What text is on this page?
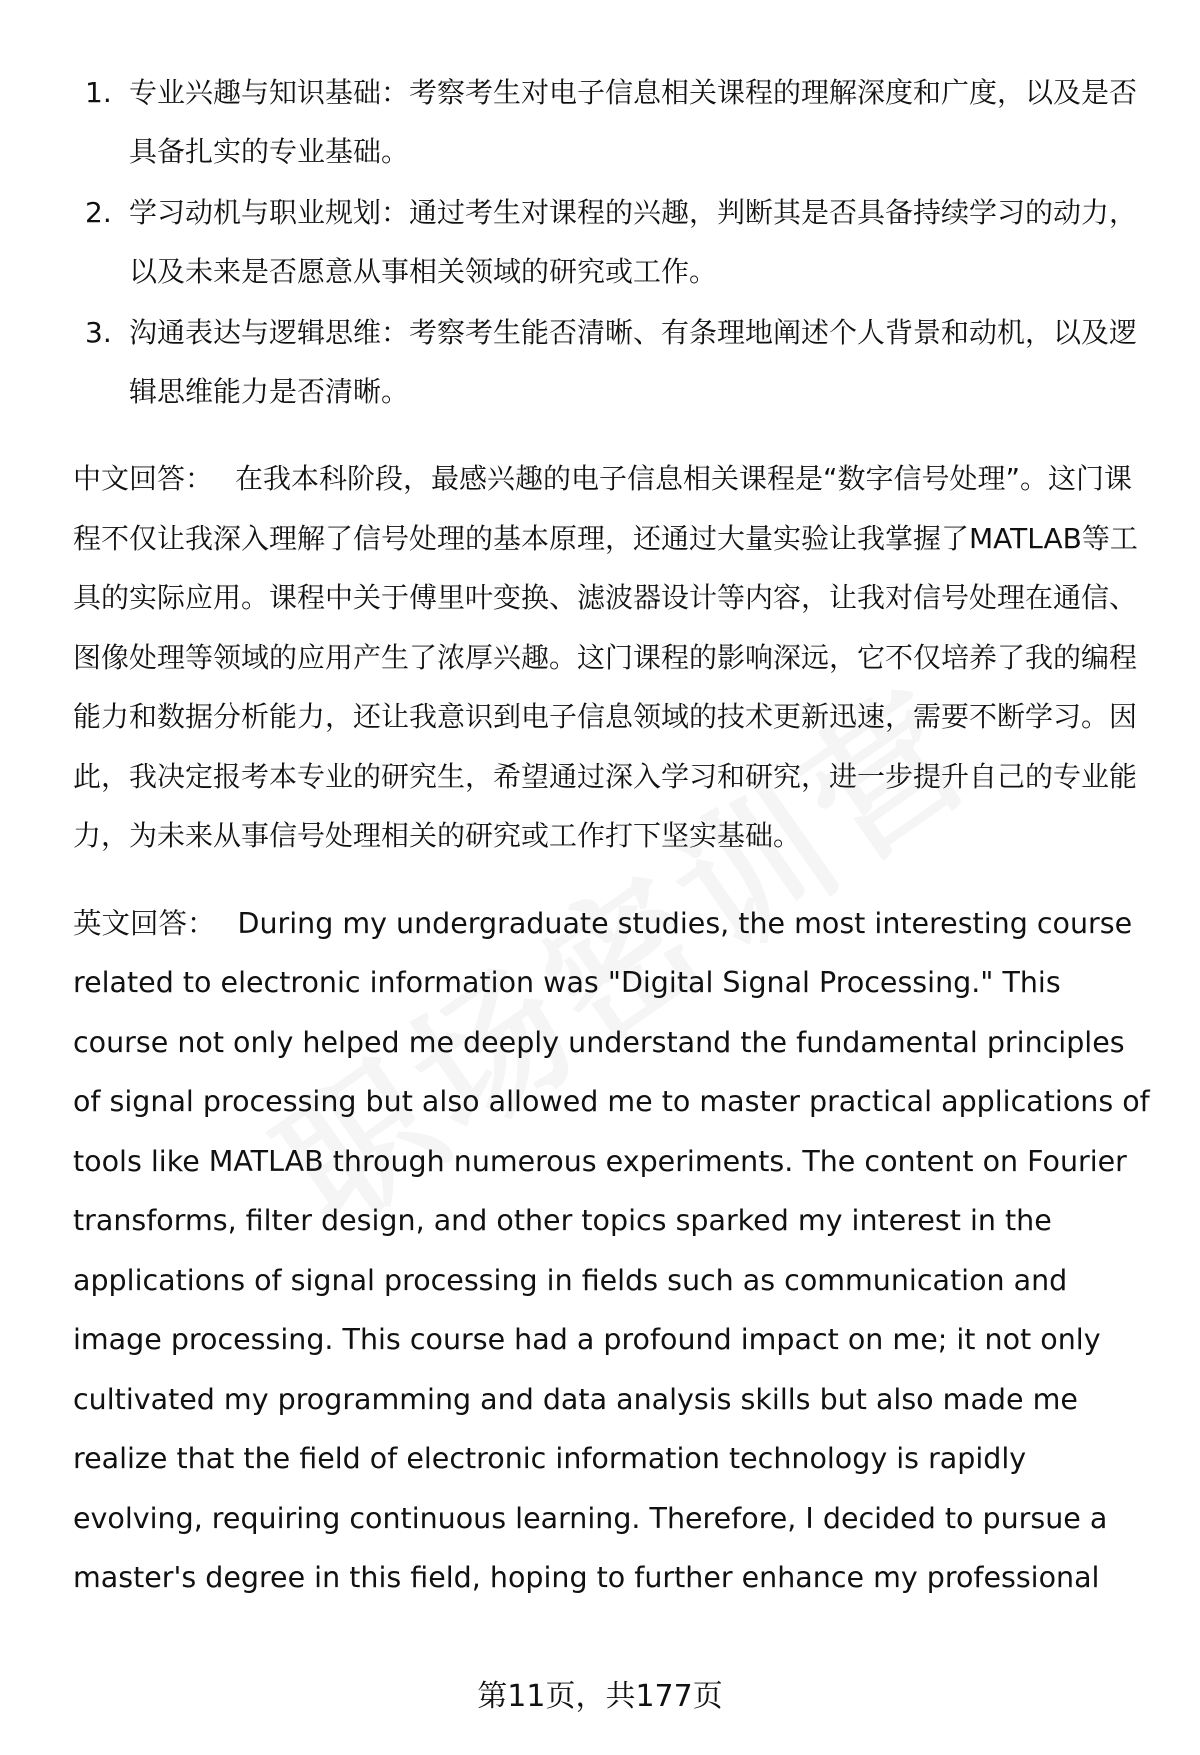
1. 专业兴趣与知识基础：考察考生对电子信息相关课程的理解深度和广度，以及是否具备扎实的专业基础。
2. 学习动机与职业规划：通过考生对课程的兴趣，判断其是否具备持续学习的动力，以及未来是否愿意从事相关领域的研究或工作。
3. 沟通表达与逻辑思维：考察考生能否清晰、有条理地阐述个人背景和动机，以及逻辑思维能力是否清晰。

中文回答： 在我本科阶段，最感兴趣的电子信息相关课程是“数字信号处理”。这门课程不仅让我深入理解了信号处理的基本原理，还通过大量实验让我掌握了MATLAB等工具的实际应用。课程中关于傅里叶变换、滤波器设计等内容，让我对信号处理在通信、图像处理等领域的应用产生了浓厚兴趣。这门课程的影响深远，它不仅培养了我的编程能力和数据分析能力，还让我意识到电子信息领域的技术更新迅速，需要不断学习。因此，我决定报考本专业的研究生，希望通过深入学习和研究，进一步提升自己的专业能力，为未来从事信号处理相关的研究或工作打下坚实基础。

英文回答： During my undergraduate studies, the most interesting course related to electronic information was "Digital Signal Processing." This course not only helped me deeply understand the fundamental principles of signal processing but also allowed me to master practical applications of tools like MATLAB through numerous experiments. The content on Fourier transforms, filter design, and other topics sparked my interest in the applications of signal processing in fields such as communication and image processing. This course had a profound impact on me; it not only cultivated my programming and data analysis skills but also made me realize that the field of electronic information technology is rapidly evolving, requiring continuous learning. Therefore, I decided to pursue a master's degree in this field, hoping to further enhance my professional

第11页，共177页
